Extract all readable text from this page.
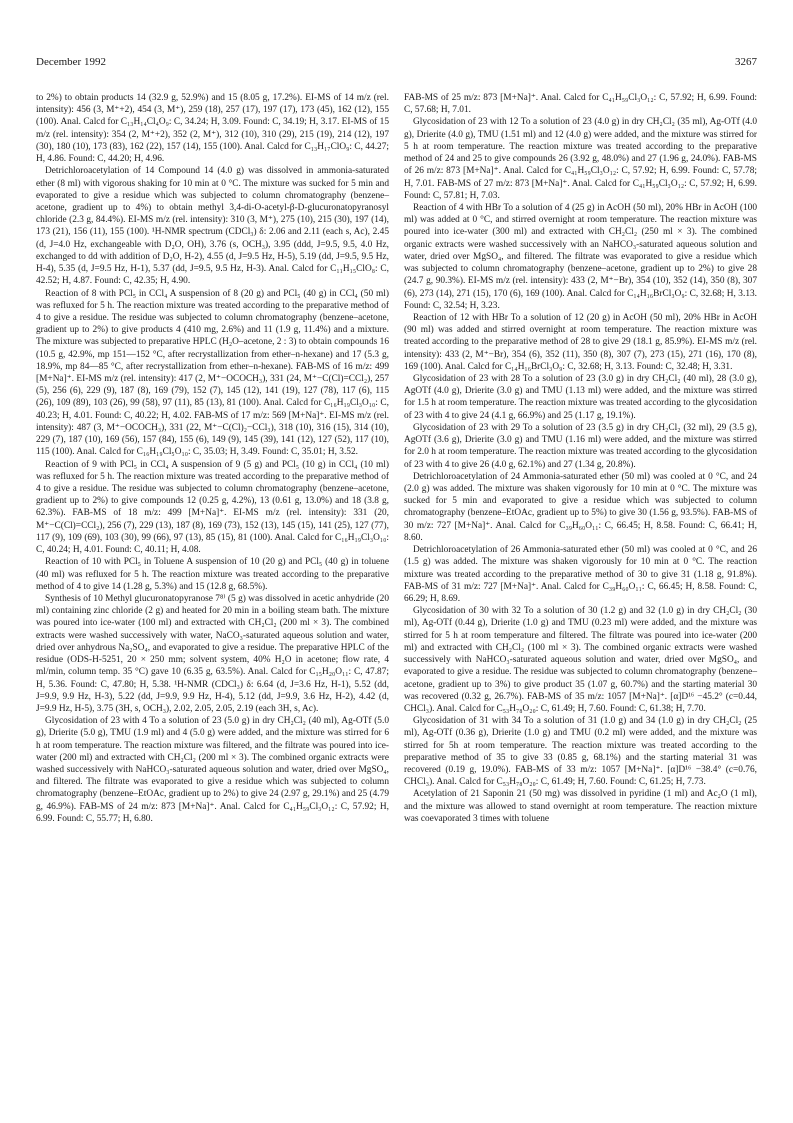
December 1992	3267

to 2%) to obtain products 14 (32.9 g, 52.9%) and 15 (8.05 g, 17.2%). EI-MS of 14 m/z (rel. intensity): 456 (3, M⁺+2), 454 (3, M⁺), 259 (18), 257 (17), 197 (17), 173 (45), 162 (12), 155 (100). Anal. Calcd for C₁₃H₁₄Cl₄O₉: C, 34.24; H, 3.09. Found: C, 34.19; H, 3.17. EI-MS of 15 m/z (rel. intensity): 354 (2, M⁺+2), 352 (2, M⁺), 312 (10), 310 (29), 215 (19), 214 (12), 197 (30), 180 (10), 173 (83), 162 (22), 157 (14), 155 (100). Anal. Calcd for C₁₃H₁₇ClO₉: C, 44.27; H, 4.86. Found: C, 44.20; H, 4.96.

Detrichloroacetylation of 14 Compound 14 (4.0 g) was dissolved in ammonia-saturated ether (8 ml) with vigorous shaking for 10 min at 0 °C. The mixture was sucked for 5 min and evaporated to give a residue which was subjected to column chromatography (benzene–acetone, gradient up to 4%) to obtain methyl 3,4-di-O-acetyl-β-D-glucuronatopyranosyl chloride (2.3 g, 84.4%). EI-MS m/z (rel. intensity): 310 (3, M⁺), 275 (10), 215 (30), 197 (14), 173 (21), 156 (11), 155 (100). ¹H-NMR spectrum (CDCl₃) δ: 2.06 and 2.11 (each s, Ac), 2.45 (d, J=4.0 Hz, exchangeable with D₂O, OH), 3.76 (s, OCH₃), 3.95 (ddd, J=9.5, 9.5, 4.0 Hz, exchanged to dd with addition of D₂O, H-2), 4.55 (d, J=9.5 Hz, H-5), 5.19 (dd, J=9.5, 9.5 Hz, H-4), 5.35 (d, J=9.5 Hz, H-1), 5.37 (dd, J=9.5, 9.5 Hz, H-3). Anal. Calcd for C₁₁H₁₅ClO₈: C, 42.52; H, 4.87. Found: C, 42.35; H, 4.90.

Reaction of 8 with PCl₅ in CCl₄ A suspension of 8 (20 g) and PCl₅ (40 g) in CCl₄ (50 ml) was refluxed for 5 h. The reaction mixture was treated according to the preparative method of 4 to give a residue. The residue was subjected to column chromatography (benzene–acetone, gradient up to 2%) to give products 4 (410 mg, 2.6%) and 11 (1.9 g, 11.4%) and a mixture. The mixture was subjected to preparative HPLC (H₂O–acetone, 2 : 3) to obtain compounds 16 (10.5 g, 42.9%, mp 151—152 °C, after recrystallization from ether–n-hexane) and 17 (5.3 g, 18.9%, mp 84—85 °C, after recrystallization from ether–n-hexane). FAB-MS of 16 m/z: 499 [M+Na]⁺. EI-MS m/z (rel. intensity): 417 (2, M⁺−OCOCH₃), 331 (24, M⁺−C(Cl)=CCl₂), 257 (5), 256 (6), 229 (9), 187 (8), 169 (79), 152 (7), 145 (12), 141 (19), 127 (78), 117 (6), 115 (26), 109 (89), 103 (26), 99 (58), 97 (11), 85 (13), 81 (100). Anal. Calcd for C₁₆H₁₉Cl₃O₁₀: C, 40.23; H, 4.01. Found: C, 40.22; H, 4.02. FAB-MS of 17 m/z: 569 [M+Na]⁺. EI-MS m/z (rel. intensity): 487 (3, M⁺−OCOCH₃), 331 (22, M⁺−C(Cl)₂−CCl₃), 318 (10), 316 (15), 314 (10), 229 (7), 187 (10), 169 (56), 157 (84), 155 (6), 149 (9), 145 (39), 141 (12), 127 (52), 117 (10), 115 (100). Anal. Calcd for C₁₆H₁₉Cl₅O₁₀: C, 35.03; H, 3.49. Found: C, 35.01; H, 3.52.

Reaction of 9 with PCl₅ in CCl₄ A suspension of 9 (5 g) and PCl₅ (10 g) in CCl₄ (10 ml) was refluxed for 5 h. The reaction mixture was treated according to the preparative method of 4 to give a residue. The residue was subjected to column chromatography (benzene–acetone, gradient up to 2%) to give compounds 12 (0.25 g, 4.2%), 13 (0.61 g, 13.0%) and 18 (3.8 g, 62.3%). FAB-MS of 18 m/z: 499 [M+Na]⁺. EI-MS m/z (rel. intensity): 331 (20, M⁺−C(Cl)=CCl₂), 256 (7), 229 (13), 187 (8), 169 (73), 152 (13), 145 (15), 141 (25), 127 (77), 117 (9), 109 (69), 103 (30), 99 (66), 97 (13), 85 (15), 81 (100). Anal. Calcd for C₁₆H₁₉Cl₃O₁₀: C, 40.24; H, 4.01. Found: C, 40.11; H, 4.08.

Reaction of 10 with PCl₅ in Toluene A suspension of 10 (20 g) and PCl₅ (40 g) in toluene (40 ml) was refluxed for 5 h. The reaction mixture was treated according to the preparative method of 4 to give 14 (1.28 g, 5.3%) and 15 (12.8 g, 68.5%).

Synthesis of 10 Methyl glucuronatopyranose 7⁸⁾ (5 g) was dissolved in acetic anhydride (20 ml) containing zinc chloride (2 g) and heated for 20 min in a boiling steam bath. The mixture was poured into ice-water (100 ml) and extracted with CH₂Cl₂ (200 ml × 3). The combined extracts were washed successively with water, NaCO₃-saturated aqueous solution and water, dried over anhydrous Na₂SO₄, and evaporated to give a residue. The preparative HPLC of the residue (ODS-H-5251, 20 × 250 mm; solvent system, 40% H₂O in acetone; flow rate, 4 ml/min, column temp. 35 °C) gave 10 (6.35 g, 63.5%). Anal. Calcd for C₁₅H₂₀O₁₁: C, 47.87; H, 5.36. Found: C, 47.80; H, 5.38. ¹H-NMR (CDCl₃) δ: 6.64 (d, J=3.6 Hz, H-1), 5.52 (dd, J=9.9, 9.9 Hz, H-3), 5.22 (dd, J=9.9, 9.9 Hz, H-4), 5.12 (dd, J=9.9, 3.6 Hz, H-2), 4.42 (d, J=9.9 Hz, H-5), 3.75 (3H, s, OCH₃), 2.02, 2.05, 2.05, 2.19 (each 3H, s, Ac).

Glycosidation of 23 with 4 To a solution of 23 (5.0 g) in dry CH₂Cl₂ (40 ml), Ag-OTf (5.0 g), Drierite (5.0 g), TMU (1.9 ml) and 4 (5.0 g) were added, and the mixture was stirred for 6 h at room temperature. The reaction mixture was filtered, and the filtrate was poured into ice-water (200 ml) and extracted with CH₂Cl₂ (200 ml × 3). The combined organic extracts were washed successively with NaHCO₃-saturated aqueous solution and water, dried over MgSO₄, and filtered. The filtrate was evaporated to give a residue which was subjected to column chromatography (benzene–EtOAc, gradient up to 2%) to give 24 (2.97 g, 29.1%) and 25 (4.79 g, 46.9%). FAB-MS of 24 m/z: 873 [M+Na]⁺. Anal. Calcd for C₄₁H₅₉Cl₃O₁₂: C, 57.92; H, 6.99. Found: C, 55.77; H, 6.80.

FAB-MS of 25 m/z: 873 [M+Na]⁺. Anal. Calcd for C₄₁H₅₉Cl₃O₁₂: C, 57.92; H, 6.99. Found: C, 57.68; H, 7.01.

Glycosidation of 23 with 12 To a solution of 23 (4.0 g) in dry CH₂Cl₂ (35 ml), Ag-OTf (4.0 g), Drierite (4.0 g), TMU (1.51 ml) and 12 (4.0 g) were added, and the mixture was stirred for 5 h at room temperature. The reaction mixture was treated according to the preparative method of 24 and 25 to give compounds 26 (3.92 g, 48.0%) and 27 (1.96 g, 24.0%). FAB-MS of 26 m/z: 873 [M+Na]⁺. Anal. Calcd for C₄₁H₅₉Cl₃O₁₂: C, 57.92; H, 6.99. Found: C, 57.78; H, 7.01. FAB-MS of 27 m/z: 873 [M+Na]⁺. Anal. Calcd for C₄₁H₅₉Cl₃O₁₂: C, 57.92; H, 6.99. Found: C, 57.81; H, 7.03.

Reaction of 4 with HBr To a solution of 4 (25 g) in AcOH (50 ml), 20% HBr in AcOH (100 ml) was added at 0 °C, and stirred overnight at room temperature. The reaction mixture was poured into ice-water (300 ml) and extracted with CH₂Cl₂ (250 ml × 3). The combined organic extracts were washed successively with an NaHCO₃-saturated aqueous solution and water, dried over MgSO₄, and filtered. The filtrate was evaporated to give a residue which was subjected to column chromatography (benzene–acetone, gradient up to 2%) to give 28 (24.7 g, 90.3%). EI-MS m/z (rel. intensity): 433 (2, M⁺−Br), 354 (10), 352 (14), 350 (8), 307 (6), 273 (14), 271 (15), 170 (6), 169 (100). Anal. Calcd for C₁₄H₁₆BrCl₃O₉: C, 32.68; H, 3.13. Found: C, 32.54; H, 3.23.

Reaction of 12 with HBr To a solution of 12 (20 g) in AcOH (50 ml), 20% HBr in AcOH (90 ml) was added and stirred overnight at room temperature. The reaction mixture was treated according to the preparative method of 28 to give 29 (18.1 g, 85.9%). EI-MS m/z (rel. intensity): 433 (2, M⁺−Br), 354 (6), 352 (11), 350 (8), 307 (7), 273 (15), 271 (16), 170 (8), 169 (100). Anal. Calcd for C₁₄H₁₆BrCl₃O₉: C, 32.68; H, 3.13. Found: C, 32.48; H, 3.31.

Glycosidation of 23 with 28 To a solution of 23 (3.0 g) in dry CH₂Cl₂ (40 ml), 28 (3.0 g), AgOTf (4.0 g), Drierite (3.0 g) and TMU (1.13 ml) were added, and the mixture was stirred for 1.5 h at room temperature. The reaction mixture was treated according to the glycosidation of 23 with 4 to give 24 (4.1 g, 66.9%) and 25 (1.17 g, 19.1%).

Glycosidation of 23 with 29 To a solution of 23 (3.5 g) in dry CH₂Cl₂ (32 ml), 29 (3.5 g), AgOTf (3.6 g), Drierite (3.0 g) and TMU (1.16 ml) were added, and the mixture was stirred for 2.0 h at room temperature. The reaction mixture was treated according to the glycosidation of 23 with 4 to give 26 (4.0 g, 62.1%) and 27 (1.34 g, 20.8%).

Detrichloroacetylation of 24 Ammonia-saturated ether (50 ml) was cooled at 0 °C, and 24 (2.0 g) was added. The mixture was shaken vigorously for 10 min at 0 °C. The mixture was sucked for 5 min and evaporated to give a residue which was subjected to column chromatography (benzene–EtOAc, gradient up to 5%) to give 30 (1.56 g, 93.5%). FAB-MS of 30 m/z: 727 [M+Na]⁺. Anal. Calcd for C₃₉H₆₀O₁₁: C, 66.45; H, 8.58. Found: C, 66.41; H, 8.60.

Detrichloroacetylation of 26 Ammonia-saturated ether (50 ml) was cooled at 0 °C, and 26 (1.5 g) was added. The mixture was shaken vigorously for 10 min at 0 °C. The reaction mixture was treated according to the preparative method of 30 to give 31 (1.18 g, 91.8%). FAB-MS of 31 m/z: 727 [M+Na]⁺. Anal. Calcd for C₃₉H₆₀O₁₁: C, 66.45; H, 8.58. Found: C, 66.29; H, 8.69.

Glycosidation of 30 with 32 To a solution of 30 (1.2 g) and 32 (1.0 g) in dry CH₂Cl₂ (30 ml), Ag-OTf (0.44 g), Drierite (1.0 g) and TMU (0.23 ml) were added, and the mixture was stirred for 5 h at room temperature and filtered. The filtrate was poured into ice-water (200 ml) and extracted with CH₂Cl₂ (100 ml × 3). The combined organic extracts were washed successively with NaHCO₃-saturated aqueous solution and water, dried over MgSO₄, and evaporated to give a residue. The residue was subjected to column chromatography (benzene–acetone, gradient up to 3%) to give product 35 (1.07 g, 60.7%) and the starting material 30 was recovered (0.32 g, 26.7%). FAB-MS of 35 m/z: 1057 [M+Na]⁺. [α]D¹⁶ −45.2° (c=0.44, CHCl₃). Anal. Calcd for C₅₃H₇₈O₂₀: C, 61.49; H, 7.60. Found: C, 61.38; H, 7.70.

Glycosidation of 31 with 34 To a solution of 31 (1.0 g) and 34 (1.0 g) in dry CH₂Cl₂ (25 ml), Ag-OTf (0.36 g), Drierite (1.0 g) and TMU (0.2 ml) were added, and the mixture was stirred for 5h at room temperature. The reaction mixture was treated according to the preparative method of 35 to give 33 (0.85 g, 68.1%) and the starting material 31 was recovered (0.19 g, 19.0%). FAB-MS of 33 m/z: 1057 [M+Na]⁺. [α]D¹⁶ −38.4° (c=0.76, CHCl₃). Anal. Calcd for C₅₃H₇₈O₂₀: C, 61.49; H, 7.60. Found: C, 61.25; H, 7.73.

Acetylation of 21 Saponin 21 (50 mg) was dissolved in pyridine (1 ml) and Ac₂O (1 ml), and the mixture was allowed to stand overnight at room temperature. The reaction mixture was coevaporated 3 times with toluene
